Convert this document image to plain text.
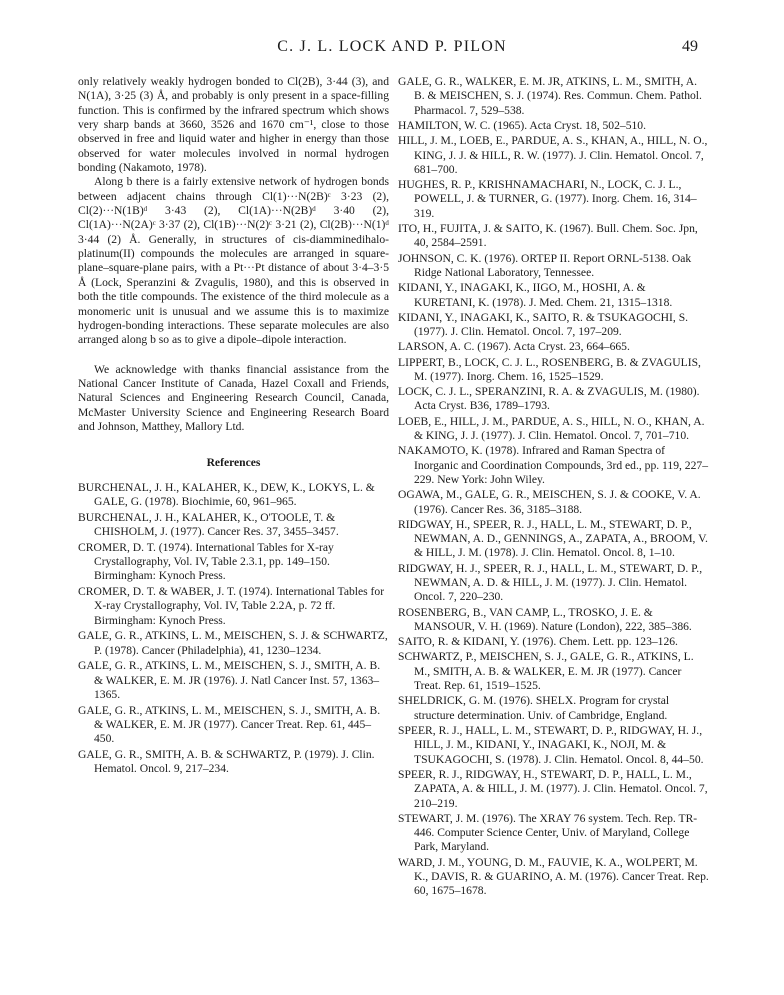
C. J. L. LOCK AND P. PILON	49

only relatively weakly hydrogen bonded to Cl(2B), 3·44 (3), and N(1A), 3·25 (3) Å, and probably is only present in a space-filling function. This is confirmed by the infrared spectrum which shows very sharp bands at 3660, 3526 and 1670 cm⁻¹, close to those observed in free and liquid water and higher in energy than those observed for water molecules involved in normal hydrogen bonding (Nakamoto, 1978).

Along b there is a fairly extensive network of hydrogen bonds between adjacent chains through Cl(1)···N(2B)ᶜ 3·23 (2), Cl(2)···N(1B)ᵈ 3·43 (2), Cl(1A)···N(2B)ᵈ 3·40 (2), Cl(1A)···N(2A)ᶜ 3·37 (2), Cl(1B)···N(2)ᶜ 3·21 (2), Cl(2B)···N(1)ᵈ 3·44 (2) Å. Generally, in structures of cis-diamminedihaloplatinum(II) compounds the molecules are arranged in square-plane–square-plane pairs, with a Pt···Pt distance of about 3·4–3·5 Å (Lock, Speranzini & Zvagulis, 1980), and this is observed in both the title compounds. The existence of the third molecule as a monomeric unit is unusual and we assume this is to maximize hydrogen-bonding interactions. These separate molecules are also arranged along b so as to give a dipole–dipole interaction.

We acknowledge with thanks financial assistance from the National Cancer Institute of Canada, Hazel Coxall and Friends, Natural Sciences and Engineering Research Council, Canada, McMaster University Science and Engineering Research Board and Johnson, Matthey, Mallory Ltd.

References
BURCHENAL, J. H., KALAHER, K., DEW, K., LOKYS, L. & GALE, G. (1978). Biochimie, 60, 961–965.
BURCHENAL, J. H., KALAHER, K., O'TOOLE, T. & CHISHOLM, J. (1977). Cancer Res. 37, 3455–3457.
CROMER, D. T. (1974). International Tables for X-ray Crystallography, Vol. IV, Table 2.3.1, pp. 149–150. Birmingham: Kynoch Press.
CROMER, D. T. & WABER, J. T. (1974). International Tables for X-ray Crystallography, Vol. IV, Table 2.2A, p. 72 ff. Birmingham: Kynoch Press.
GALE, G. R., ATKINS, L. M., MEISCHEN, S. J. & SCHWARTZ, P. (1978). Cancer (Philadelphia), 41, 1230–1234.
GALE, G. R., ATKINS, L. M., MEISCHEN, S. J., SMITH, A. B. & WALKER, E. M. JR (1976). J. Natl Cancer Inst. 57, 1363–1365.
GALE, G. R., ATKINS, L. M., MEISCHEN, S. J., SMITH, A. B. & WALKER, E. M. JR (1977). Cancer Treat. Rep. 61, 445–450.
GALE, G. R., SMITH, A. B. & SCHWARTZ, P. (1979). J. Clin. Hematol. Oncol. 9, 217–234.
GALE, G. R., WALKER, E. M. JR, ATKINS, L. M., SMITH, A. B. & MEISCHEN, S. J. (1974). Res. Commun. Chem. Pathol. Pharmacol. 7, 529–538.
HAMILTON, W. C. (1965). Acta Cryst. 18, 502–510.
HILL, J. M., LOEB, E., PARDUE, A. S., KHAN, A., HILL, N. O., KING, J. J. & HILL, R. W. (1977). J. Clin. Hematol. Oncol. 7, 681–700.
HUGHES, R. P., KRISHNAMACHARI, N., LOCK, C. J. L., POWELL, J. & TURNER, G. (1977). Inorg. Chem. 16, 314–319.
ITO, H., FUJITA, J. & SAITO, K. (1967). Bull. Chem. Soc. Jpn, 40, 2584–2591.
JOHNSON, C. K. (1976). ORTEP II. Report ORNL-5138. Oak Ridge National Laboratory, Tennessee.
KIDANI, Y., INAGAKI, K., IIGO, M., HOSHI, A. & KURETANI, K. (1978). J. Med. Chem. 21, 1315–1318.
KIDANI, Y., INAGAKI, K., SAITO, R. & TSUKAGOCHI, S. (1977). J. Clin. Hematol. Oncol. 7, 197–209.
LARSON, A. C. (1967). Acta Cryst. 23, 664–665.
LIPPERT, B., LOCK, C. J. L., ROSENBERG, B. & ZVAGULIS, M. (1977). Inorg. Chem. 16, 1525–1529.
LOCK, C. J. L., SPERANZINI, R. A. & ZVAGULIS, M. (1980). Acta Cryst. B36, 1789–1793.
LOEB, E., HILL, J. M., PARDUE, A. S., HILL, N. O., KHAN, A. & KING, J. J. (1977). J. Clin. Hematol. Oncol. 7, 701–710.
NAKAMOTO, K. (1978). Infrared and Raman Spectra of Inorganic and Coordination Compounds, 3rd ed., pp. 119, 227–229. New York: John Wiley.
OGAWA, M., GALE, G. R., MEISCHEN, S. J. & COOKE, V. A. (1976). Cancer Res. 36, 3185–3188.
RIDGWAY, H., SPEER, R. J., HALL, L. M., STEWART, D. P., NEWMAN, A. D., GENNINGS, A., ZAPATA, A., BROOM, V. & HILL, J. M. (1978). J. Clin. Hematol. Oncol. 8, 1–10.
RIDGWAY, H. J., SPEER, R. J., HALL, L. M., STEWART, D. P., NEWMAN, A. D. & HILL, J. M. (1977). J. Clin. Hematol. Oncol. 7, 220–230.
ROSENBERG, B., VAN CAMP, L., TROSKO, J. E. & MANSOUR, V. H. (1969). Nature (London), 222, 385–386.
SAITO, R. & KIDANI, Y. (1976). Chem. Lett. pp. 123–126.
SCHWARTZ, P., MEISCHEN, S. J., GALE, G. R., ATKINS, L. M., SMITH, A. B. & WALKER, E. M. JR (1977). Cancer Treat. Rep. 61, 1519–1525.
SHELDRICK, G. M. (1976). SHELX. Program for crystal structure determination. Univ. of Cambridge, England.
SPEER, R. J., HALL, L. M., STEWART, D. P., RIDGWAY, H. J., HILL, J. M., KIDANI, Y., INAGAKI, K., NOJI, M. & TSUKAGOCHI, S. (1978). J. Clin. Hematol. Oncol. 8, 44–50.
SPEER, R. J., RIDGWAY, H., STEWART, D. P., HALL, L. M., ZAPATA, A. & HILL, J. M. (1977). J. Clin. Hematol. Oncol. 7, 210–219.
STEWART, J. M. (1976). The XRAY 76 system. Tech. Rep. TR-446. Computer Science Center, Univ. of Maryland, College Park, Maryland.
WARD, J. M., YOUNG, D. M., FAUVIE, K. A., WOLPERT, M. K., DAVIS, R. & GUARINO, A. M. (1976). Cancer Treat. Rep. 60, 1675–1678.
